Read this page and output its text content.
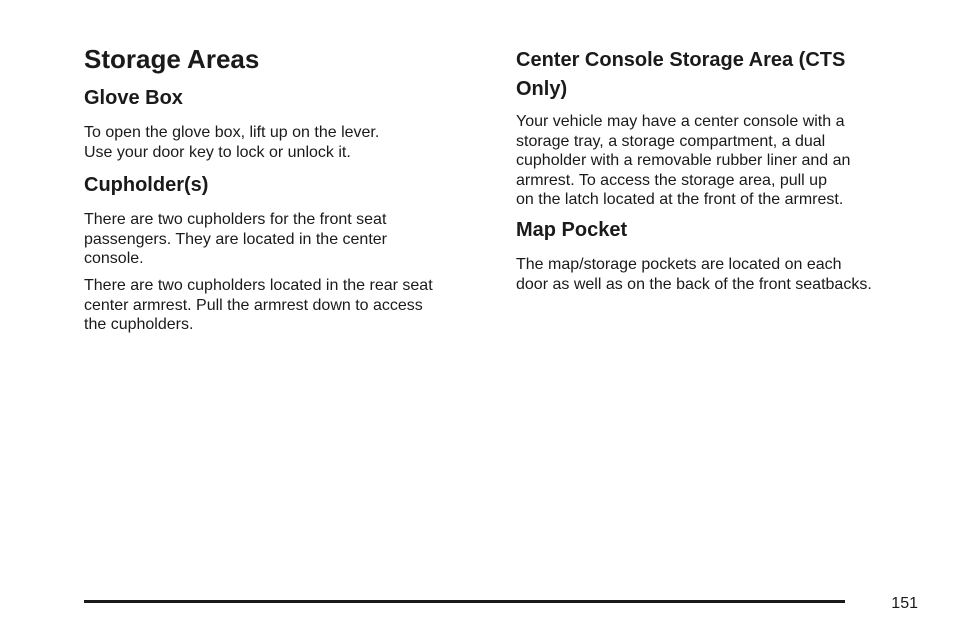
Storage Areas
Glove Box

To open the glove box, lift up on the lever.
Use your door key to lock or unlock it.

Cupholder(s)

There are two cupholders for the front seat
passengers. They are located in the center
console.

There are two cupholders located in the rear seat
center armrest. Pull the armrest down to access
the cupholders.

Center Console Storage Area (CTS Only)

Your vehicle may have a center console with a
storage tray, a storage compartment, a dual
cupholder with a removable rubber liner and an
armrest. To access the storage area, pull up
on the latch located at the front of the armrest.

Map Pocket

The map/storage pockets are located on each
door as well as on the back of the front seatbacks.

151
